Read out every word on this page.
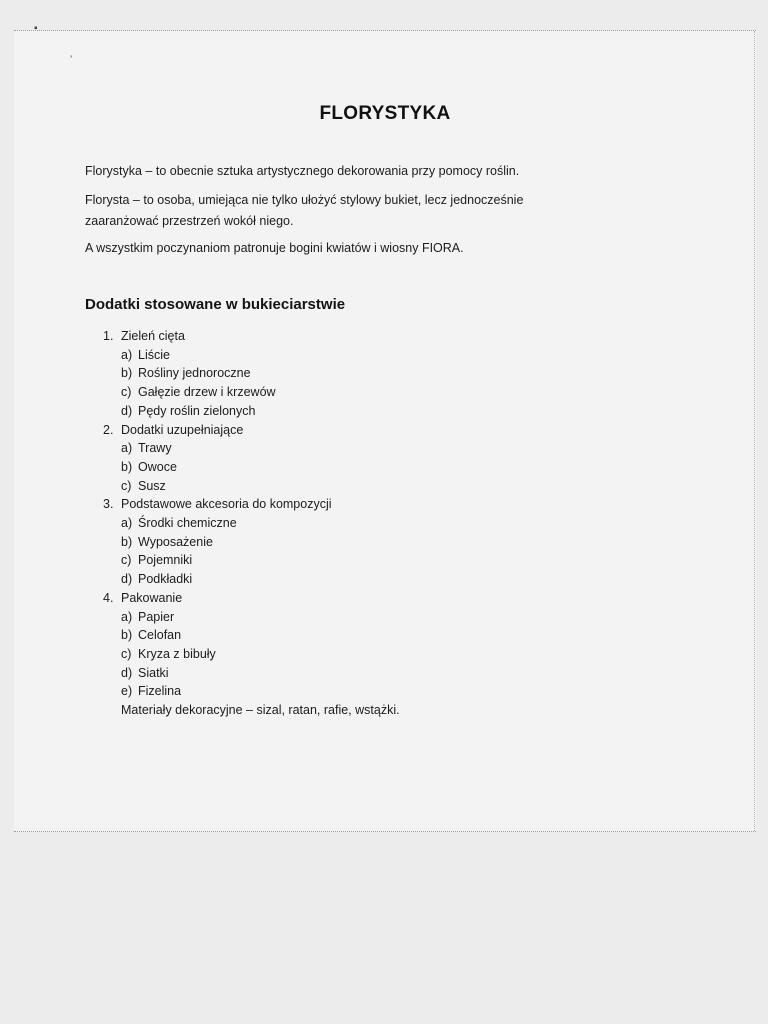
▪
ʼ
FLORYSTYKA
Florystyka – to obecnie sztuka artystycznego dekorowania przy pomocy roślin.
Florysta – to osoba, umiejąca nie tylko ułożyć stylowy bukiet, lecz jednocześnie zaaranżować przestrzeń wokół niego.
A wszystkim poczynaniom patronuje bogini kwiatów i wiosny FIORA.
Dodatki stosowane w bukieciarstwie
1. Zieleń cięta
a) Liście
b) Rośliny jednoroczne
c) Gałęzie drzew i krzewów
d) Pędy roślin zielonych
2. Dodatki uzupełniające
a) Trawy
b) Owoce
c) Susz
3. Podstawowe akcesoria do kompozycji
a) Środki chemiczne
b) Wyposażenie
c) Pojemniki
d) Podkładki
4. Pakowanie
a) Papier
b) Celofan
c) Kryza z bibuły
d) Siatki
e) Fizelina
Materiały dekoracyjne – sizal, ratan, rafie, wstążki.
